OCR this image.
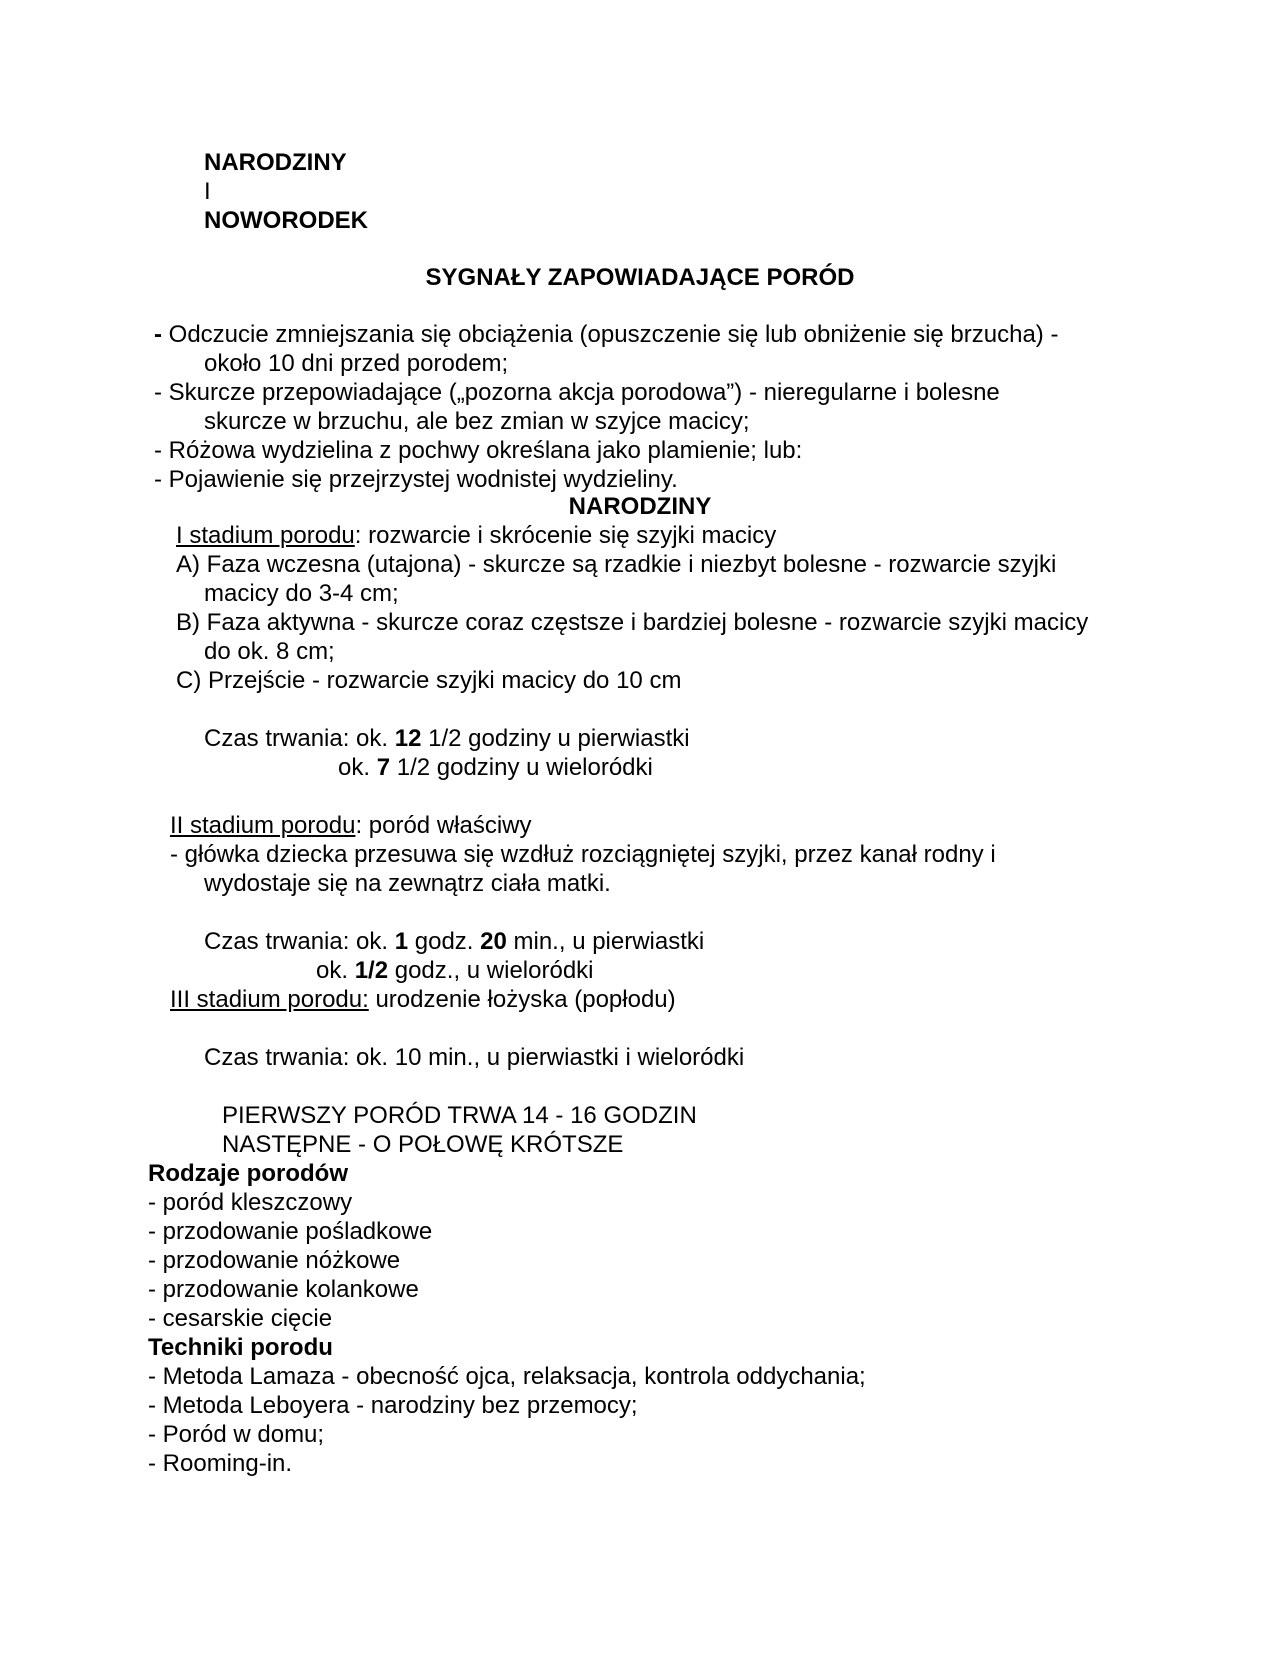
NARODZINY
I
NOWORODEK
SYGNAŁY ZAPOWIADAJĄCE PORÓD
- Odczucie zmniejszania się obciążenia (opuszczenie się lub obniżenie się brzucha) -
około 10 dni przed porodem;
- Skurcze przepowiadające („pozorna akcja porodowa”) - nieregularne i bolesne
skurcze w brzuchu, ale bez zmian w szyjce macicy;
- Różowa wydzielina z pochwy określana jako plamienie; lub:
- Pojawienie się przejrzystej wodnistej wydzieliny.
NARODZINY
I stadium porodu: rozwarcie i skrócenie się szyjki macicy
A) Faza wczesna (utajona) - skurcze są rzadkie i niezbyt bolesne - rozwarcie szyjki
macicy do 3-4 cm;
B) Faza aktywna - skurcze coraz częstsze i bardziej bolesne - rozwarcie szyjki macicy
do ok. 8 cm;
C) Przejście - rozwarcie szyjki macicy do 10 cm
Czas trwania: ok. 12 1/2 godziny u pierwiastki
ok. 7 1/2 godziny u wieloródki
II stadium porodu: poród właściwy
- główka dziecka przesuwa się wzdłuż rozciągniętej szyjki, przez kanał rodny i
wydostaje się na zewnątrz ciała matki.
Czas trwania: ok. 1 godz. 20 min., u pierwiastki
ok. 1/2 godz., u wieloródki
III stadium porodu: urodzenie łożyska (popłodu)
Czas trwania: ok. 10 min., u pierwiastki i wieloródki
PIERWSZY PORÓD TRWA 14 - 16 GODZIN
NASTĘPNE - O POŁOWĘ KRÓTSZE
Rodzaje porodów
- poród kleszczowy
- przodowanie pośladkowe
- przodowanie nóżkowe
- przodowanie kolankowe
- cesarskie cięcie
Techniki porodu
- Metoda Lamaza - obecność ojca, relaksacja, kontrola oddychania;
- Metoda Leboyera - narodziny bez przemocy;
- Poród w domu;
- Rooming-in.
